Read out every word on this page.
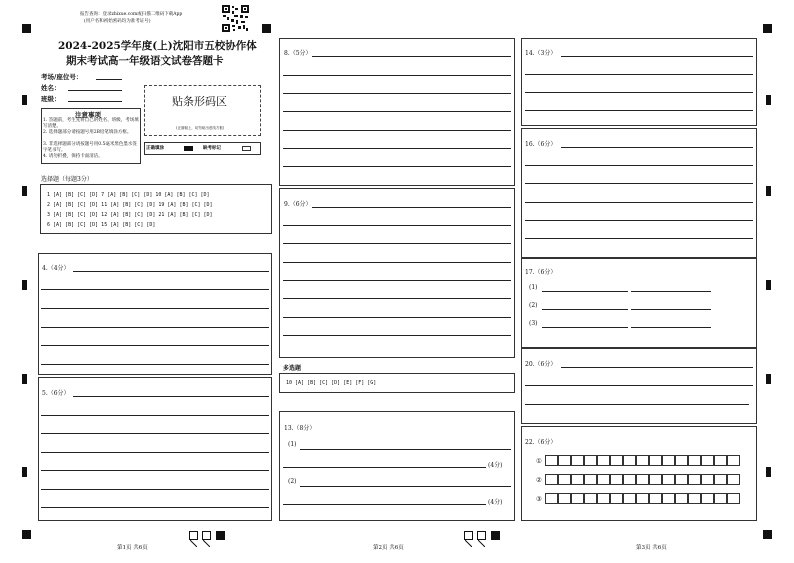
报告查询：登录zhixue.com或扫描二维码下载App
(用户名和初始密码均为准考证号)
2024-2025学年度(上)沈阳市五校协作体
期末考试高一年级语文试卷答题卡
考场/座位号：
姓名：
班级：	贴条形码区
(正面朝上，切勿贴出虚线方框)
注意事项
1. 答题前，考生先将自己的姓名、班级、考场填写清楚。
2. 选择题部分请按题号用2B铅笔填涂方框。
3. 非选择题部分请按题号用0.5毫米黑色墨水签字笔书写。
4. 请勿折叠，保持卡面清洁。
正确填涂	缺考标记
选择题（每题3分）
1 [A] [B] [C] [D] 7 [A] [B] [C] [D] 10 [A] [B] [C] [D]
2 [A] [B] [C] [D] 11 [A] [B] [C] [D] 19 [A] [B] [C] [D]
3 [A] [B] [C] [D] 12 [A] [B] [C] [D] 21 [A] [B] [C] [D]
6 [A] [B] [C] [D] 15 [A] [B] [C] [D]
4.（4分）
5.（6分）
8.（5分）
9.（6分）
多选题
10 [A] [B] [C] [D] [E] [F] [G]
13.（8分）
(1)
(4分)
(2)
(4分)
14.（3分）
16.（6分）
17.（6分）
(1)
(2)
(3)
20.（6分）
22.（6分）
①
②
③
第1页 共6页	第2页 共6页	第3页 共6页
